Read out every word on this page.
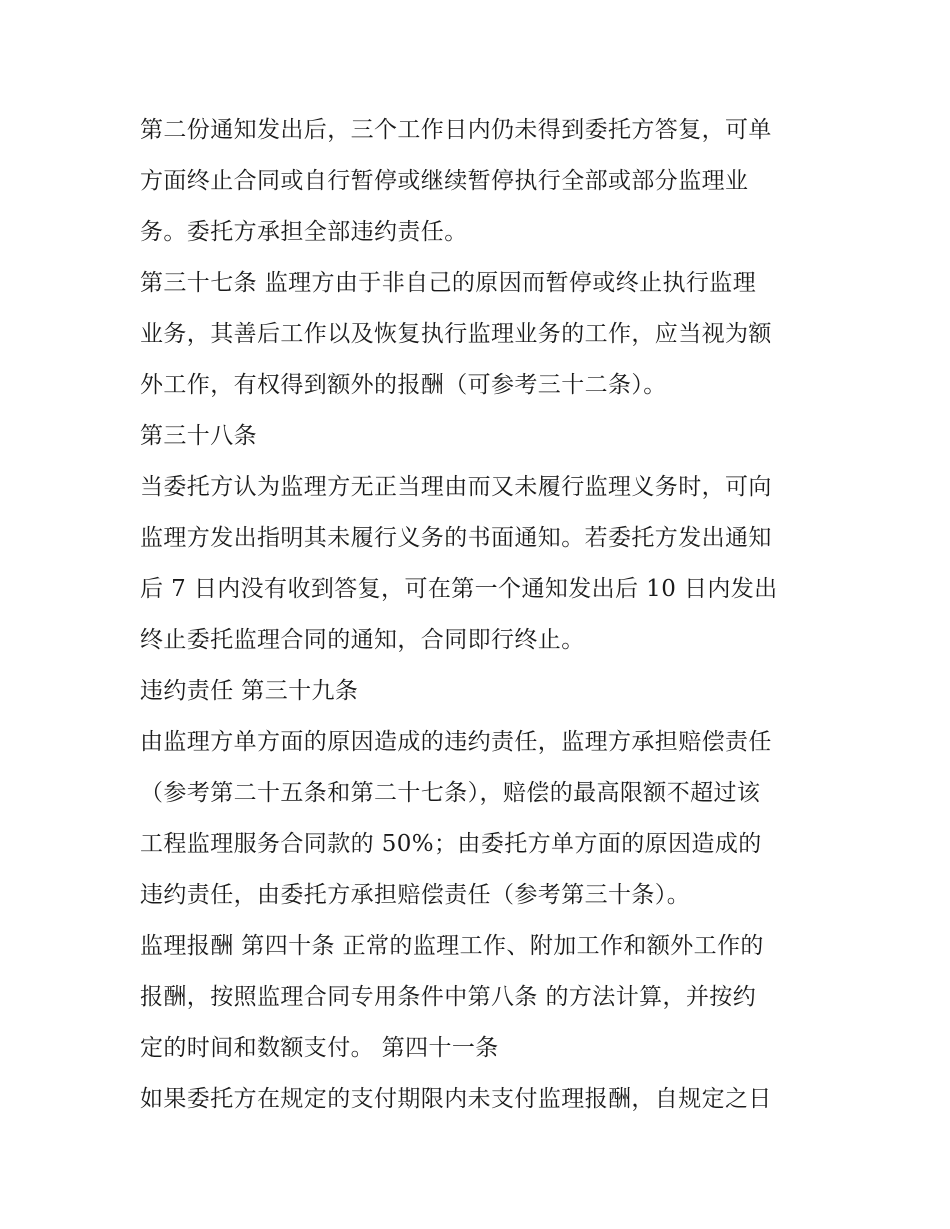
第二份通知发出后，三个工作日内仍未得到委托方答复，可单
方面终止合同或自行暂停或继续暂停执行全部或部分监理业
务。委托方承担全部违约责任。
第三十七条 监理方由于非自己的原因而暂停或终止执行监理
业务，其善后工作以及恢复执行监理业务的工作，应当视为额
外工作，有权得到额外的报酬（可参考三十二条）。
第三十八条
当委托方认为监理方无正当理由而又未履行监理义务时，可向
监理方发出指明其未履行义务的书面通知。若委托方发出通知
后 7 日内没有收到答复，可在第一个通知发出后 10 日内发出
终止委托监理合同的通知，合同即行终止。
违约责任 第三十九条
由监理方单方面的原因造成的违约责任，监理方承担赔偿责任
（参考第二十五条和第二十七条），赔偿的最高限额不超过该
工程监理服务合同款的 50%；由委托方单方面的原因造成的
违约责任，由委托方承担赔偿责任（参考第三十条）。
监理报酬 第四十条 正常的监理工作、附加工作和额外工作的
报酬，按照监理合同专用条件中第八条 的方法计算，并按约
定的时间和数额支付。 第四十一条
如果委托方在规定的支付期限内未支付监理报酬，自规定之日
